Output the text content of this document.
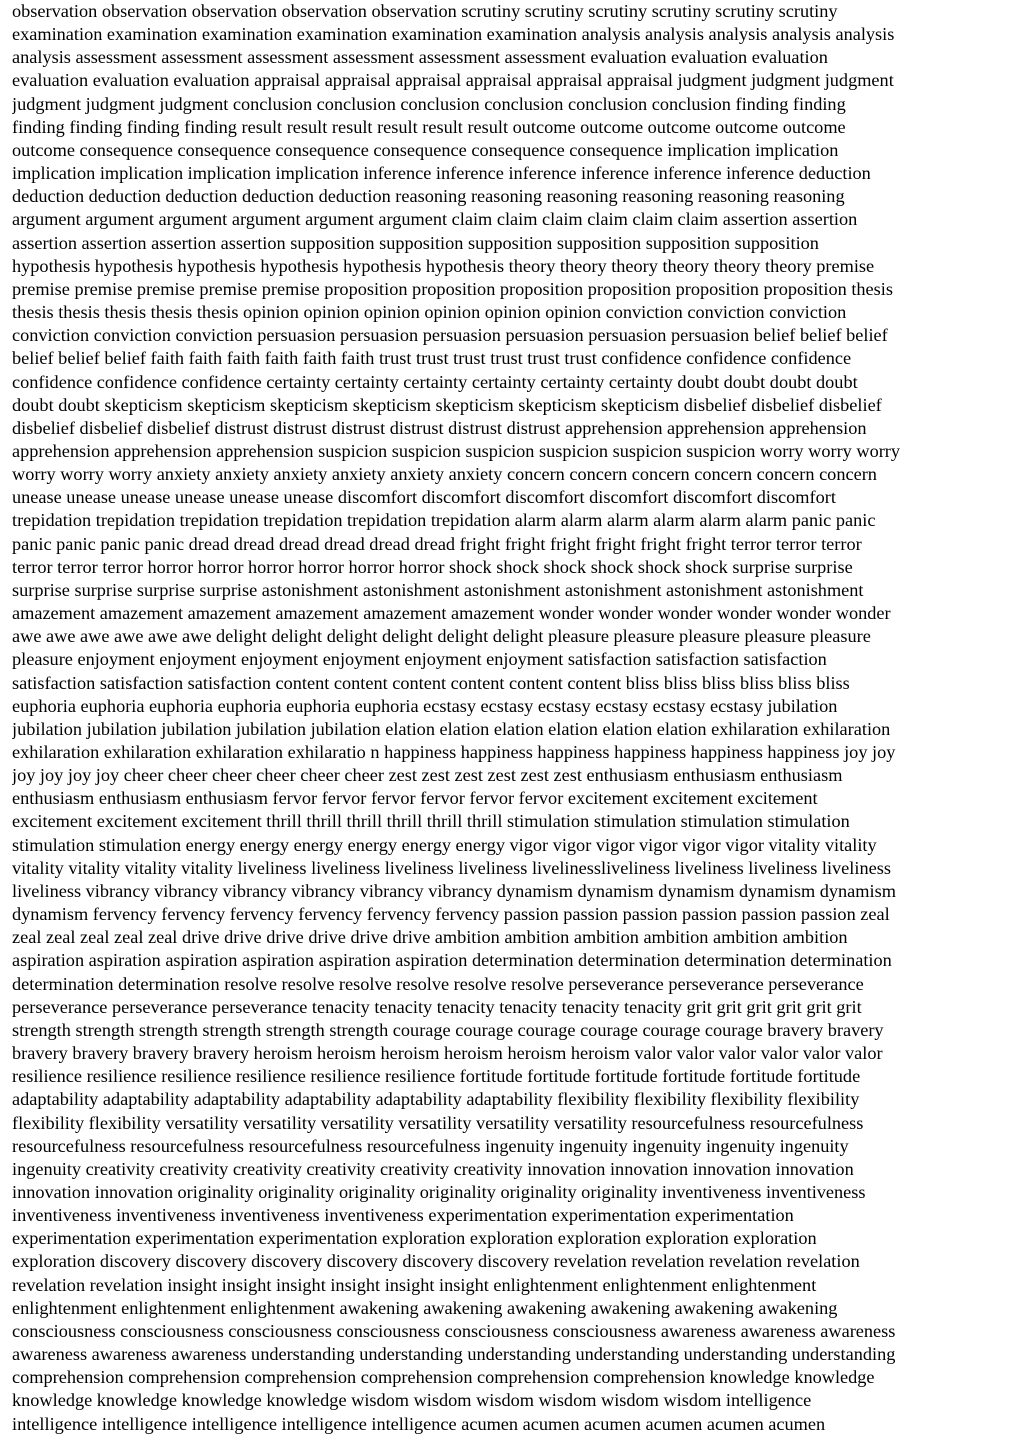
observation observation observation observation observation scrutiny scrutiny scrutiny scrutiny scrutiny scrutiny
examination examination examination examination examination examination analysis analysis analysis analysis analysis
analysis assessment assessment assessment assessment assessment assessment evaluation evaluation evaluation
evaluation evaluation evaluation appraisal appraisal appraisal appraisal appraisal appraisal judgment judgment judgment
judgment judgment judgment conclusion conclusion conclusion conclusion conclusion conclusion finding finding
finding finding finding finding result result result result result result outcome outcome outcome outcome outcome
outcome consequence consequence consequence consequence consequence consequence implication implication
implication implication implication implication inference inference inference inference inference inference deduction
deduction deduction deduction deduction deduction reasoning reasoning reasoning reasoning reasoning reasoning
argument argument argument argument argument argument claim claim claim claim claim claim assertion assertion
assertion assertion assertion assertion supposition supposition supposition supposition supposition supposition
hypothesis hypothesis hypothesis hypothesis hypothesis hypothesis theory theory theory theory theory theory premise
premise premise premise premise premise proposition proposition proposition proposition proposition proposition thesis
thesis thesis thesis thesis thesis opinion opinion opinion opinion opinion opinion conviction conviction conviction
conviction conviction conviction persuasion persuasion persuasion persuasion persuasion persuasion belief belief belief
belief belief belief faith faith faith faith faith faith trust trust trust trust trust trust confidence confidence confidence
confidence confidence confidence certainty certainty certainty certainty certainty certainty doubt doubt doubt doubt
doubt doubt skepticism skepticism skepticism skepticism skepticism skepticism skepticism disbelief disbelief disbelief
disbelief disbelief disbelief distrust distrust distrust distrust distrust distrust apprehension apprehension apprehension
apprehension apprehension apprehension suspicion suspicion suspicion suspicion suspicion suspicion worry worry worry
worry worry worry anxiety anxiety anxiety anxiety anxiety anxiety concern concern concern concern concern concern
unease unease unease unease unease unease discomfort discomfort discomfort discomfort discomfort discomfort
trepidation trepidation trepidation trepidation trepidation trepidation alarm alarm alarm alarm alarm alarm panic panic
panic panic panic panic dread dread dread dread dread dread fright fright fright fright fright fright terror terror terror
terror terror terror horror horror horror horror horror horror shock shock shock shock shock shock surprise surprise
surprise surprise surprise surprise astonishment astonishment astonishment astonishment astonishment astonishment
amazement amazement amazement amazement amazement amazement wonder wonder wonder wonder wonder wonder
awe awe awe awe awe awe delight delight delight delight delight delight pleasure pleasure pleasure pleasure pleasure
pleasure enjoyment enjoyment enjoyment enjoyment enjoyment enjoyment satisfaction satisfaction satisfaction
satisfaction satisfaction satisfaction content content content content content content bliss bliss bliss bliss bliss bliss
euphoria euphoria euphoria euphoria euphoria euphoria ecstasy ecstasy ecstasy ecstasy ecstasy ecstasy jubilation
jubilation jubilation jubilation jubilation jubilation elation elation elation elation elation elation exhilaration exhilaration
exhilaration exhilaration exhilaration exhilaratio n happiness happiness happiness happiness happiness happiness joy joy
joy joy joy joy cheer cheer cheer cheer cheer cheer zest zest zest zest zest zest enthusiasm enthusiasm enthusiasm
enthusiasm enthusiasm enthusiasm fervor fervor fervor fervor fervor fervor excitement excitement excitement
excitement excitement excitement thrill thrill thrill thrill thrill thrill stimulation stimulation stimulation stimulation
stimulation stimulation energy energy energy energy energy energy vigor vigor vigor vigor vigor vigor vitality vitality
vitality vitality vitality vitality liveliness liveliness liveliness liveliness livelinessliveliness liveliness liveliness liveliness
liveliness vibrancy vibrancy vibrancy vibrancy vibrancy vibrancy dynamism dynamism dynamism dynamism dynamism
dynamism fervency fervency fervency fervency fervency fervency passion passion passion passion passion passion zeal
zeal zeal zeal zeal zeal drive drive drive drive drive drive ambition ambition ambition ambition ambition ambition
aspiration aspiration aspiration aspiration aspiration aspiration determination determination determination determination
determination determination resolve resolve resolve resolve resolve resolve perseverance perseverance perseverance
perseverance perseverance perseverance tenacity tenacity tenacity tenacity tenacity tenacity grit grit grit grit grit grit
strength strength strength strength strength strength courage courage courage courage courage courage bravery bravery
bravery bravery bravery bravery heroism heroism heroism heroism heroism heroism valor valor valor valor valor valor
resilience resilience resilience resilience resilience resilience fortitude fortitude fortitude fortitude fortitude fortitude
adaptability adaptability adaptability adaptability adaptability adaptability flexibility flexibility flexibility flexibility
flexibility flexibility versatility versatility versatility versatility versatility versatility resourcefulness resourcefulness
resourcefulness resourcefulness resourcefulness resourcefulness ingenuity ingenuity ingenuity ingenuity ingenuity
ingenuity creativity creativity creativity creativity creativity creativity innovation innovation innovation innovation
innovation innovation originality originality originality originality originality originality inventiveness inventiveness
inventiveness inventiveness inventiveness inventiveness experimentation experimentation experimentation
experimentation experimentation experimentation exploration exploration exploration exploration exploration
exploration discovery discovery discovery discovery discovery discovery revelation revelation revelation revelation
revelation revelation insight insight insight insight insight insight enlightenment enlightenment enlightenment
enlightenment enlightenment enlightenment awakening awakening awakening awakening awakening awakening
consciousness consciousness consciousness consciousness consciousness consciousness awareness awareness awareness
awareness awareness awareness understanding understanding understanding understanding understanding understanding
comprehension comprehension comprehension comprehension comprehension comprehension knowledge knowledge
knowledge knowledge knowledge knowledge wisdom wisdom wisdom wisdom wisdom wisdom intelligence
intelligence intelligence intelligence intelligence intelligence acumen acumen acumen acumen acumen acumen
